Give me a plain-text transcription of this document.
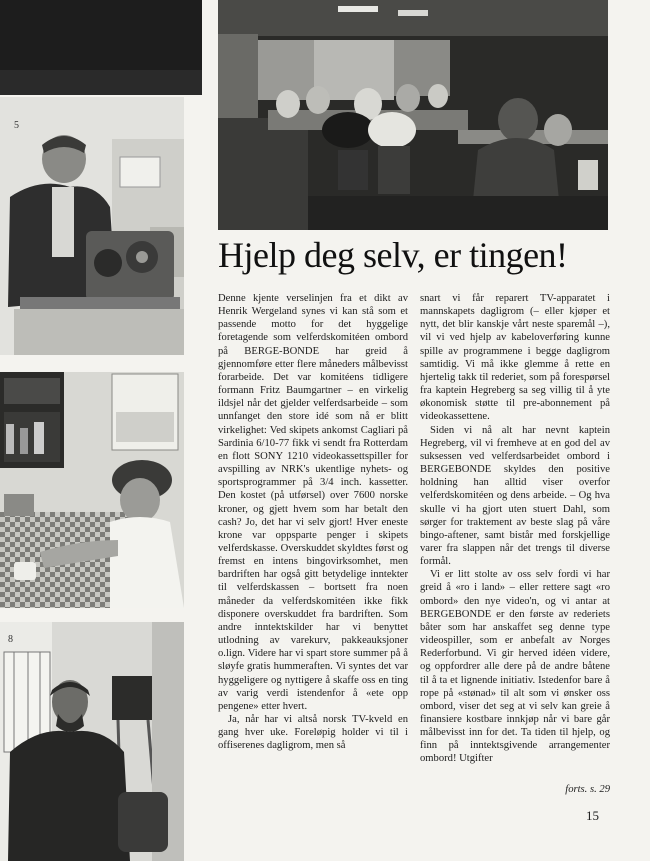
5
8
Hjelp deg selv, er tingen!

Denne kjente verselinjen fra et dikt av Henrik Wergeland synes vi kan stå som et passende motto for det hyggelige foretagende som velferdskomitéen ombord på BERGE-BONDE har greid å gjennomføre etter flere måneders målbevisst forarbeide. Det var komitéens tidligere formann Fritz Baumgartner – en virkelig ildsjel når det gjelder velferdsarbeide – som unnfanget den store idé som nå er blitt virkelighet: Ved skipets ankomst Cagliari på Sardinia 6/10-77 fikk vi sendt fra Rotterdam en flott SONY 1210 videokassettspiller for avspilling av NRK's ukentlige nyhets- og sportsprogrammer på 3/4 inch. kassetter. Den kostet (på utførsel) over 7600 norske kroner, og gjett hvem som har betalt den cash? Jo, det har vi selv gjort! Hver eneste krone var oppsparte penger i skipets velferdskasse. Overskuddet skyldtes først og fremst en intens bingovirksomhet, men bardriften har også gitt betydelige inntekter til velferdskassen – bortsett fra noen måneder da velferdskomitéen ikke fikk disponere overskuddet fra bardriften. Som andre inntektskilder har vi benyttet utlodning av varekurv, pakkeauksjoner o.lign. Videre har vi spart store summer på å sløyfe gratis hummeraften. Vi syntes det var hyggeligere og nyttigere å skaffe oss en ting av varig verdi istendenfor å «ete opp pengene» etter hvert.

Ja, når har vi altså norsk TV-kveld en gang hver uke. Foreløpig holder vi til i offiserenes dagligrom, men så

snart vi får reparert TV-apparatet i mannskapets dagligrom (– eller kjøper et nytt, det blir kanskje vårt neste sparemål –), vil vi ved hjelp av kabeloverføring kunne spille av programmene i begge dagligrom samtidig. Vi må ikke glemme å rette en hjertelig takk til rederiet, som på forespørsel fra kaptein Hegreberg sa seg villig til å yte økonomisk støtte til pre-abonnement på videokassettene.

Siden vi nå alt har nevnt kaptein Hegreberg, vil vi fremheve at en god del av suksessen ved velferdsarbeidet ombord i BERGEBONDE skyldes den positive holdning han alltid viser overfor velferdskomitéen og dens arbeide. – Og hva skulle vi ha gjort uten stuert Dahl, som sørger for traktement av beste slag på våre bingo-aftener, samt bistår med forskjellige varer fra slappen når det trengs til diverse formål.

Vi er litt stolte av oss selv fordi vi har greid å «ro i land» – eller rettere sagt «ro ombord» den nye video'n, og vi antar at BERGEBONDE er den første av rederiets båter som har anskaffet seg denne type videospiller, som er anbefalt av Norges Rederforbund. Vi gir herved idéen videre, og oppfordrer alle dere på de andre båtene til å ta et lignende initiativ. Istedenfor bare å rope på «stønad» til alt som vi ønsker oss ombord, viser det seg at vi selv kan greie å finansiere kostbare innkjøp når vi bare går målbevisst inn for det. Ta tiden til hjelp, og finn på inntektsgivende arrangementer ombord! Utgifter

forts. s. 29
15
